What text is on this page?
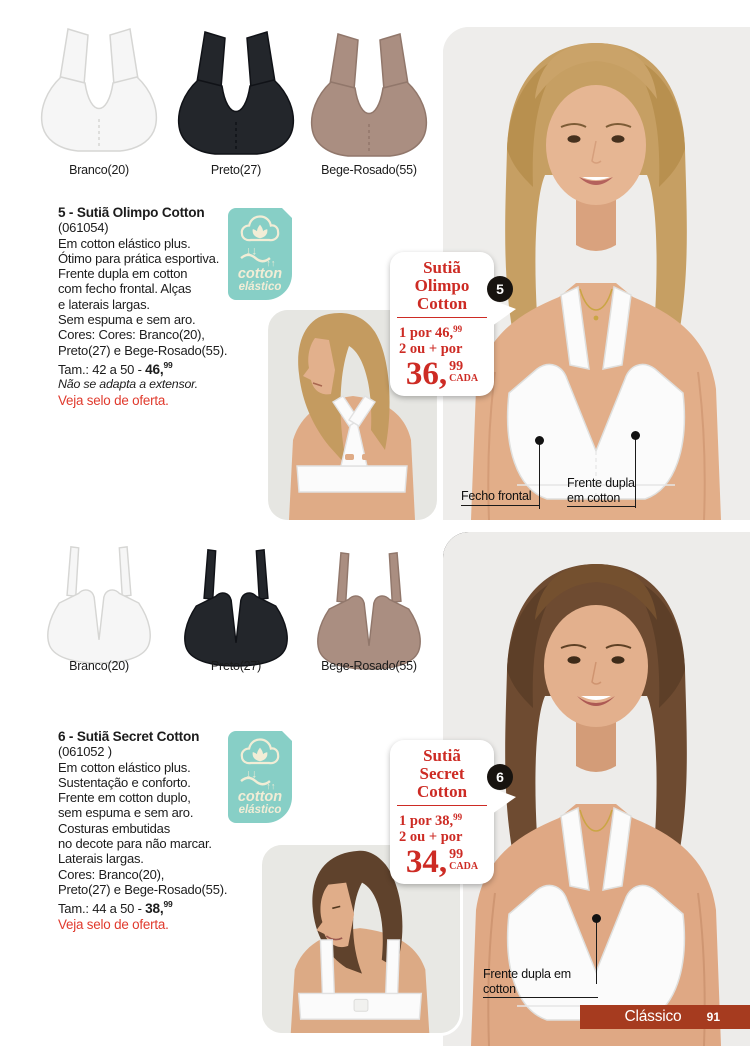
Branco(20)	Preto(27)	Bege-Rosado(55)

5 - Sutiã Olimpo Cotton

(061054)

Em cotton elástico plus.

Ótimo para prática esportiva.

Frente dupla em cotton

com fecho frontal. Alças

e laterais largas.

Sem espuma e sem aro.

Cores: Cores: Branco(20),

Preto(27) e Bege-Rosado(55).

Tam.: 42 a 50 - 46,99

Não se adapta a extensor.

Veja selo de oferta.

↓↓
↑↑
cotton
elástico
Fecho frontal
Frente dupla
em cotton
Sutiã
Olimpo
Cotton
1 por 46,99
2 ou + por
36, 99
CADA
5
Branco(20)	Preto(27)	Bege-Rosado(55)

6 - Sutiã Secret Cotton

(061052 )

Em cotton elástico plus.

Sustentação e conforto.

Frente em cotton duplo,

sem espuma e sem aro.

Costuras embutidas

no decote para não marcar.

Laterais largas.

Cores: Branco(20),

Preto(27) e Bege-Rosado(55).

Tam.: 44 a 50 - 38,99

Veja selo de oferta.

↓↓
↑↑
cotton
elástico
Frente dupla em cotton
Sutiã
Secret
Cotton
1 por 38,99
2 ou + por
34, 99
CADA
6
Clássico	91
